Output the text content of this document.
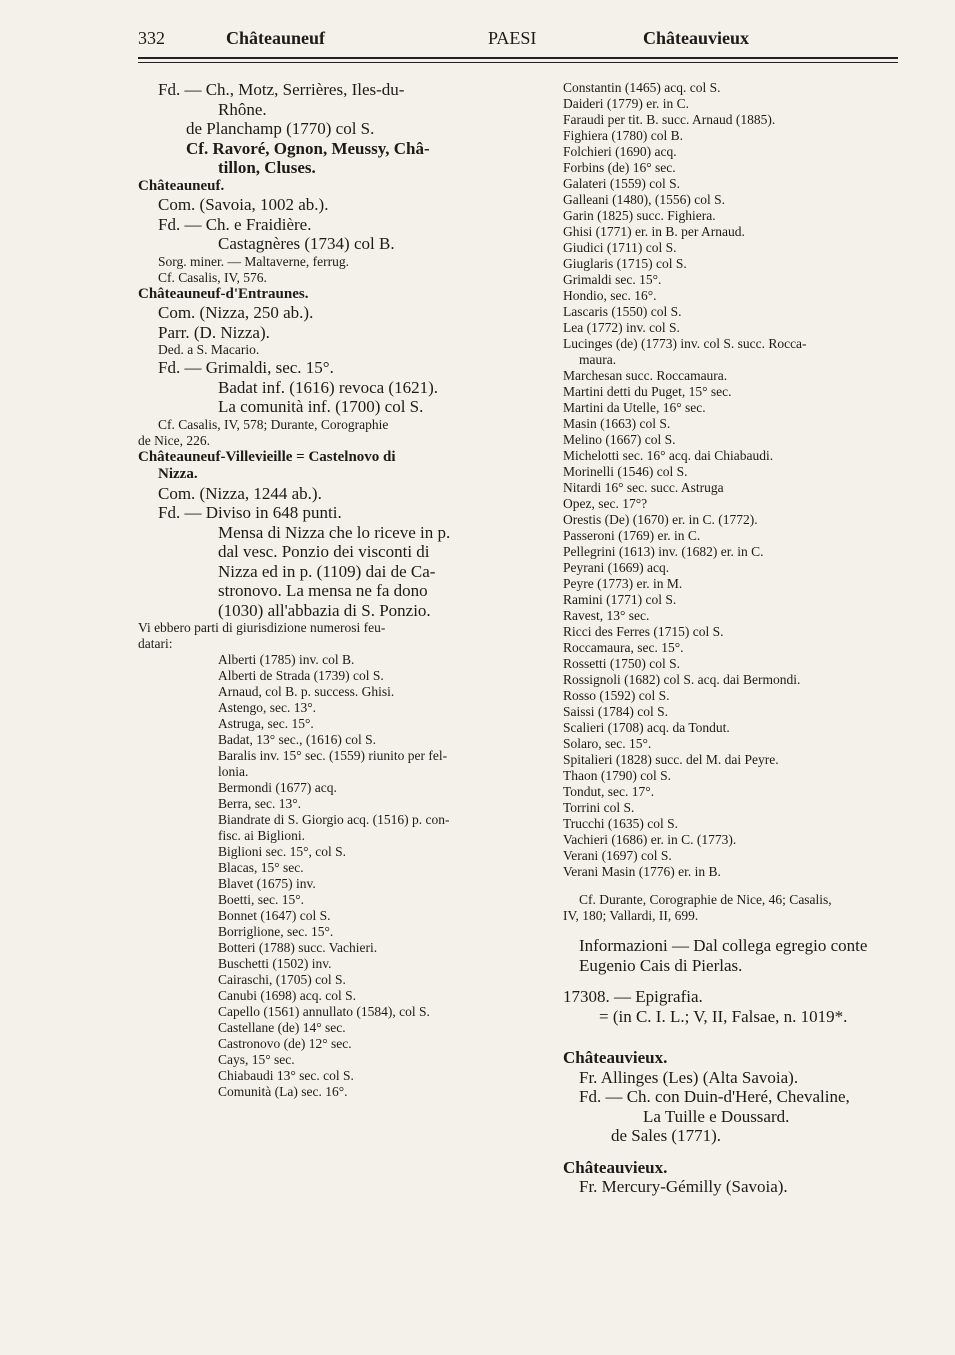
332	Châteauneuf	PAESI	Châteauvieux
Fd. — Ch., Motz, Serrières, Iles-du-
Rhône.
de Planchamp (1770) col S.
Cf. Ravoré, Ognon, Meussy, Châ-
tillon, Cluses.
Châteauneuf.
Com. (Savoia, 1002 ab.).
Fd. — Ch. e Fraidière.
Castagnères (1734) col B.
Sorg. miner. — Maltaverne, ferrug.
Cf. Casalis, IV, 576.
Châteauneuf-d'Entraunes.
Com. (Nizza, 250 ab.).
Parr. (D. Nizza).
Ded. a S. Macario.
Fd. — Grimaldi, sec. 15°.
Badat inf. (1616) revoca (1621).
La comunità inf. (1700) col S.
Cf. Casalis, IV, 578; Durante, Corographie
de Nice, 226.
Châteauneuf-Villevieille = Castelnovo di
Nizza.
Com. (Nizza, 1244 ab.).
Fd. — Diviso in 648 punti.
Mensa di Nizza che lo riceve in p.
dal vesc. Ponzio dei visconti di
Nizza ed in p. (1109) dai de Ca-
stronovo. La mensa ne fa dono
(1030) all'abbazia di S. Ponzio.
Vi ebbero parti di giurisdizione numerosi feu-
datari:
Alberti (1785) inv. col B.
Alberti de Strada (1739) col S.
Arnaud, col B. p. success. Ghisi.
Astengo, sec. 13°.
Astruga, sec. 15°.
Badat, 13° sec., (1616) col S.
Baralis inv. 15° sec. (1559) riunito per fel-
lonia.
Bermondi (1677) acq.
Berra, sec. 13°.
Biandrate di S. Giorgio acq. (1516) p. con-
fisc. ai Biglioni.
Biglioni sec. 15°, col S.
Blacas, 15° sec.
Blavet (1675) inv.
Boetti, sec. 15°.
Bonnet (1647) col S.
Borriglione, sec. 15°.
Botteri (1788) succ. Vachieri.
Buschetti (1502) inv.
Cairaschi, (1705) col S.
Canubi (1698) acq. col S.
Capello (1561) annullato (1584), col S.
Castellane (de) 14° sec.
Castronovo (de) 12° sec.
Cays, 15° sec.
Chiabaudi 13° sec. col S.
Comunità (La) sec. 16°.
Constantin (1465) acq. col S.
Daideri (1779) er. in C.
Faraudi per tit. B. succ. Arnaud (1885).
Fighiera (1780) col B.
Folchieri (1690) acq.
Forbins (de) 16° sec.
Galateri (1559) col S.
Galleani (1480), (1556) col S.
Garin (1825) succ. Fighiera.
Ghisi (1771) er. in B. per Arnaud.
Giudici (1711) col S.
Giuglaris (1715) col S.
Grimaldi sec. 15°.
Hondio, sec. 16°.
Lascaris (1550) col S.
Lea (1772) inv. col S.
Lucinges (de) (1773) inv. col S. succ. Rocca-
maura.
Marchesan succ. Roccamaura.
Martini detti du Puget, 15° sec.
Martini da Utelle, 16° sec.
Masin (1663) col S.
Melino (1667) col S.
Michelotti sec. 16° acq. dai Chiabaudi.
Morinelli (1546) col S.
Nitardi 16° sec. succ. Astruga
Opez, sec. 17°?
Orestis (De) (1670) er. in C. (1772).
Passeroni (1769) er. in C.
Pellegrini (1613) inv. (1682) er. in C.
Peyrani (1669) acq.
Peyre (1773) er. in M.
Ramini (1771) col S.
Ravest, 13° sec.
Ricci des Ferres (1715) col S.
Roccamaura, sec. 15°.
Rossetti (1750) col S.
Rossignoli (1682) col S. acq. dai Bermondi.
Rosso (1592) col S.
Saissi (1784) col S.
Scalieri (1708) acq. da Tondut.
Solaro, sec. 15°.
Spitalieri (1828) succ. del M. dai Peyre.
Thaon (1790) col S.
Tondut, sec. 17°.
Torrini col S.
Trucchi (1635) col S.
Vachieri (1686) er. in C. (1773).
Verani (1697) col S.
Verani Masin (1776) er. in B.
Cf. Durante, Corographie de Nice, 46; Casalis,
IV, 180; Vallardi, II, 699.
Informazioni — Dal collega egregio conte
Eugenio Cais di Pierlas.
17308. — Epigrafia.
= (in C. I. L.; V, II, Falsae, n. 1019*.
Châteauvieux.
Fr. Allinges (Les) (Alta Savoia).
Fd. — Ch. con Duin-d'Heré, Chevaline,
La Tuille e Doussard.
de Sales (1771).
Châteauvieux.
Fr. Mercury-Gémilly (Savoia).
